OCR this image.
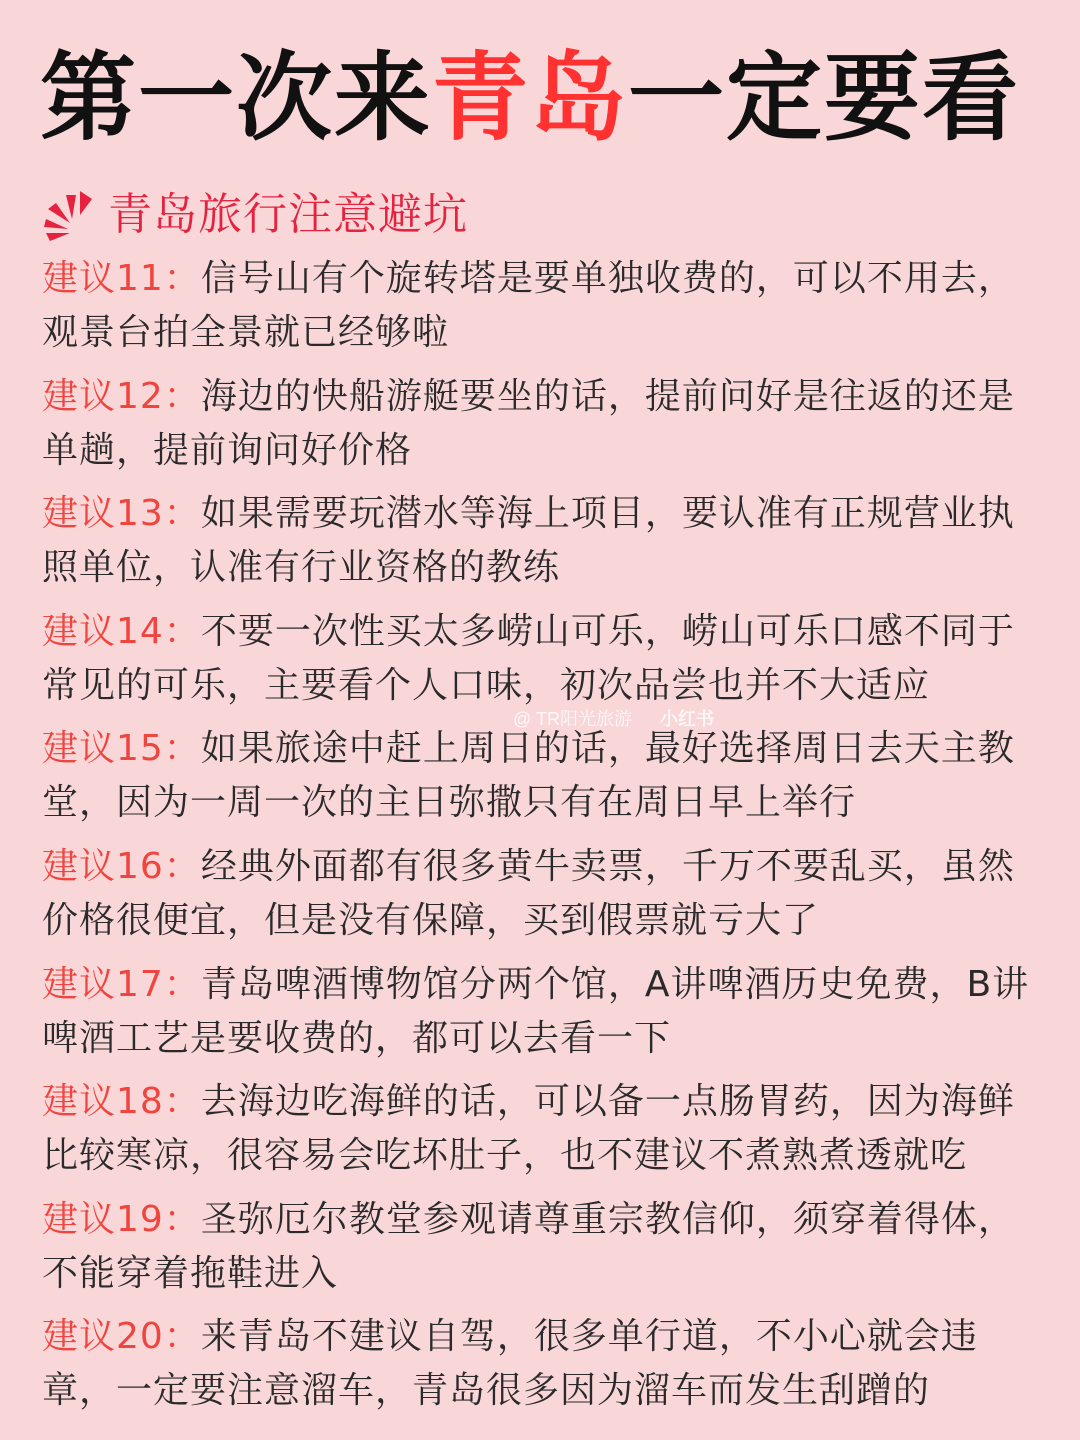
第一次来青岛一定要看
青岛旅行注意避坑
建议11：信号山有个旋转塔是要单独收费的，可以不用去，观景台拍全景就已经够啦
建议12：海边的快船游艇要坐的话，提前问好是往返的还是单趟，提前询问好价格
建议13：如果需要玩潜水等海上项目，要认准有正规营业执照单位，认准有行业资格的教练
建议14：不要一次性买太多崂山可乐，崂山可乐口感不同于常见的可乐，主要看个人口味，初次品尝也并不大适应
建议15：如果旅途中赶上周日的话，最好选择周日去天主教堂，因为一周一次的主日弥撒只有在周日早上举行
建议16：经典外面都有很多黄牛卖票，千万不要乱买，虽然价格很便宜，但是没有保障，买到假票就亏大了
建议17：青岛啤酒博物馆分两个馆，A讲啤酒历史免费，B讲啤酒工艺是要收费的，都可以去看一下
建议18：去海边吃海鲜的话，可以备一点肠胃药，因为海鲜比较寒凉，很容易会吃坏肚子，也不建议不煮熟煮透就吃
建议19：圣弥厄尔教堂参观请尊重宗教信仰，须穿着得体，不能穿着拖鞋进入
建议20：来青岛不建议自驾，很多单行道，不小心就会违章，一定要注意溜车，青岛很多因为溜车而发生刮蹭的
@ TR阳光旅游 小红书
